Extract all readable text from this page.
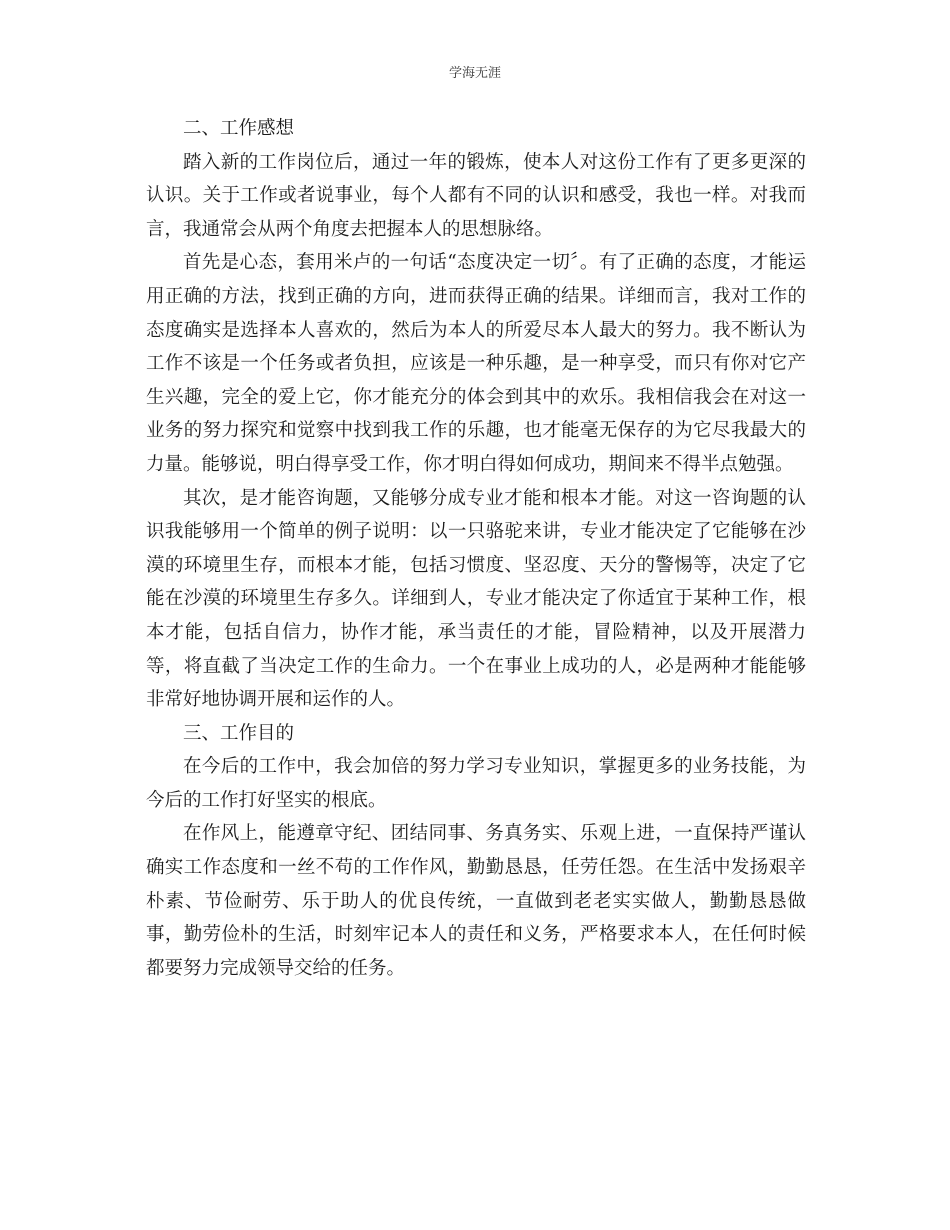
学海无涯

二、工作感想

踏入新的工作岗位后，通过一年的锻炼，使本人对这份工作有了更多更深的认识。关于工作或者说事业，每个人都有不同的认识和感受，我也一样。对我而言，我通常会从两个角度去把握本人的思想脉络。

首先是心态，套用米卢的一句话“态度决定一切〞。有了正确的态度，才能运用正确的方法，找到正确的方向，进而获得正确的结果。详细而言，我对工作的态度确实是选择本人喜欢的，然后为本人的所爱尽本人最大的努力。我不断认为工作不该是一个任务或者负担，应该是一种乐趣，是一种享受，而只有你对它产生兴趣，完全的爱上它，你才能充分的体会到其中的欢乐。我相信我会在对这一业务的努力探究和觉察中找到我工作的乐趣，也才能毫无保存的为它尽我最大的力量。能够说，明白得享受工作，你才明白得如何成功，期间来不得半点勉强。

其次，是才能咨询题，又能够分成专业才能和根本才能。对这一咨询题的认识我能够用一个简单的例子说明：以一只骆驼来讲，专业才能决定了它能够在沙漠的环境里生存，而根本才能，包括习惯度、坚忍度、天分的警惕等，决定了它能在沙漠的环境里生存多久。详细到人，专业才能决定了你适宜于某种工作，根本才能，包括自信力，协作才能，承当责任的才能，冒险精神，以及开展潜力等，将直截了当决定工作的生命力。一个在事业上成功的人，必是两种才能能够非常好地协调开展和运作的人。

三、工作目的

在今后的工作中，我会加倍的努力学习专业知识，掌握更多的业务技能，为今后的工作打好坚实的根底。

在作风上，能遵章守纪、团结同事、务真务实、乐观上进，一直保持严谨认确实工作态度和一丝不苟的工作作风，勤勤恳恳，任劳任怨。在生活中发扬艰辛朴素、节俭耐劳、乐于助人的优良传统，一直做到老老实实做人，勤勤恳恳做事，勤劳俭朴的生活，时刻牢记本人的责任和义务，严格要求本人，在任何时候都要努力完成领导交给的任务。
